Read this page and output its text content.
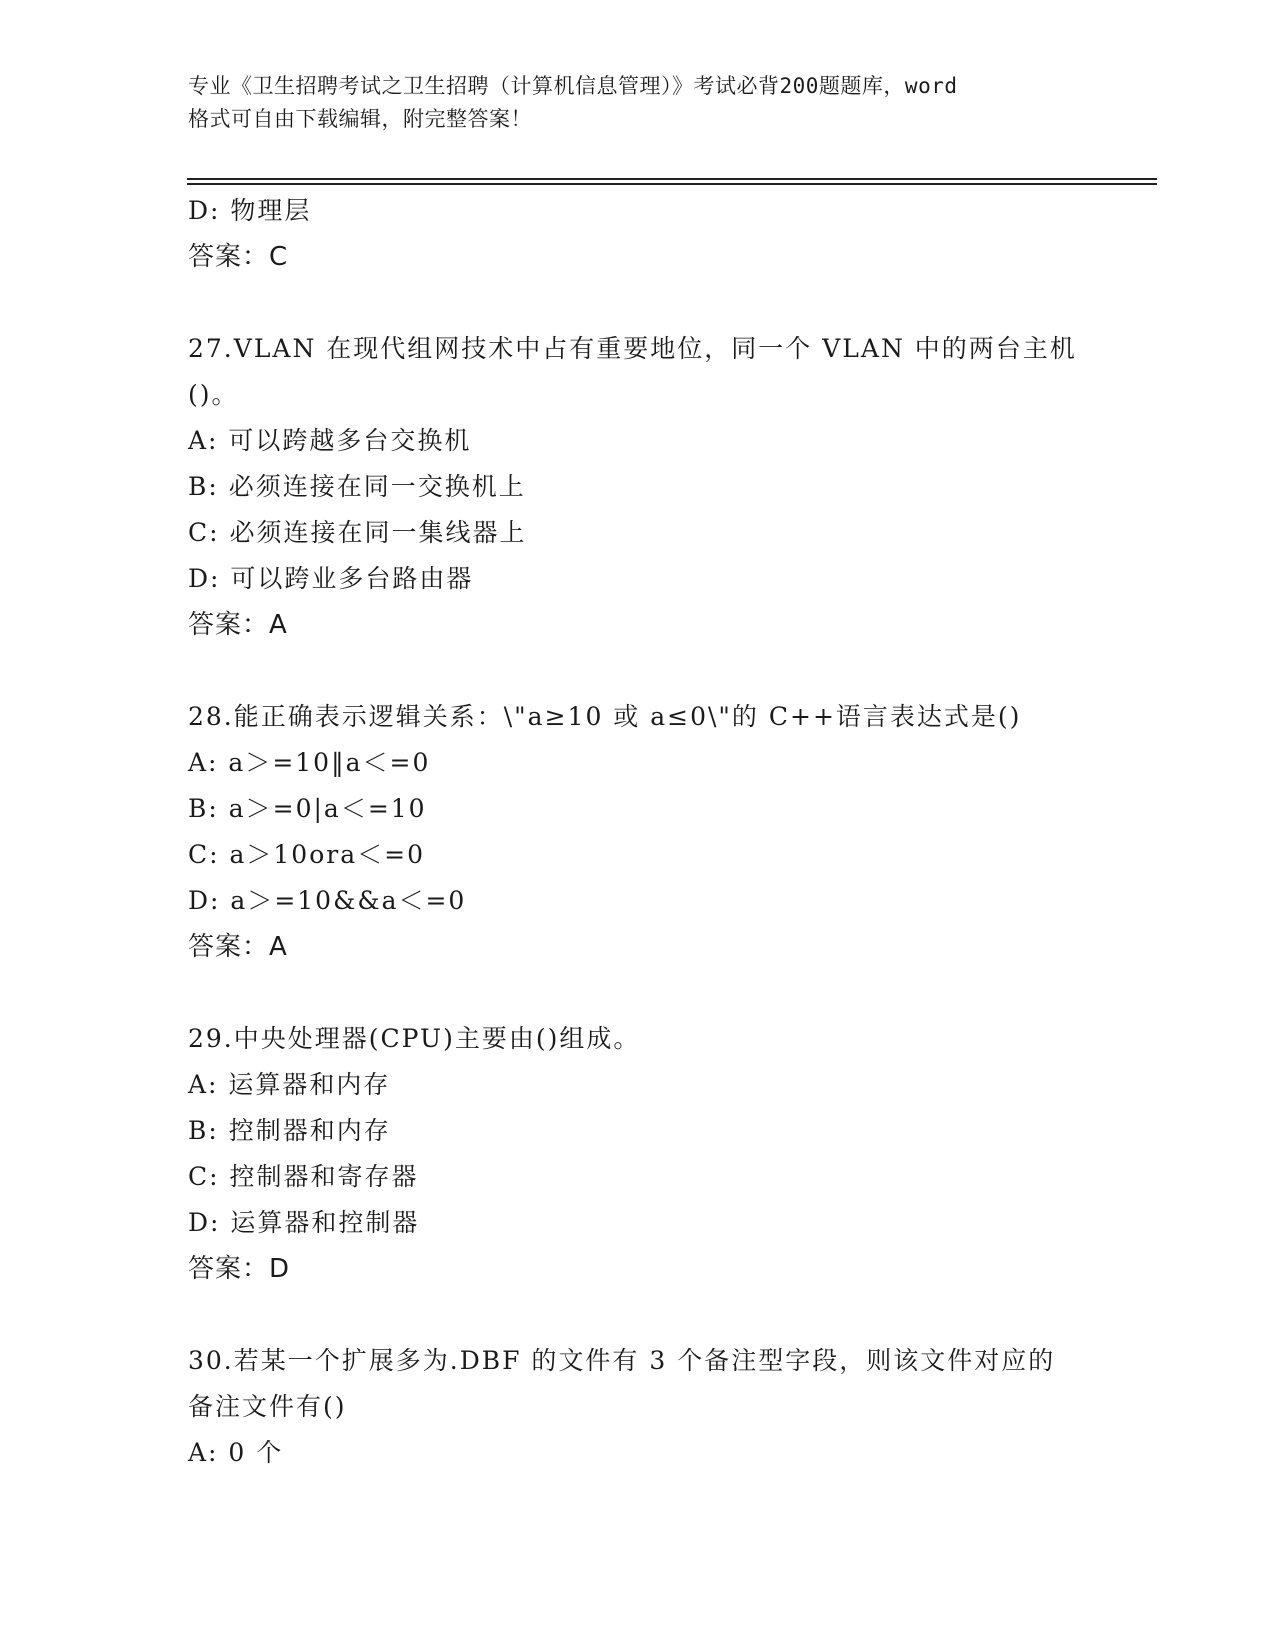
专业《卫生招聘考试之卫生招聘（计算机信息管理）》考试必背200题题库，word
格式可自由下载编辑，附完整答案！
D: 物理层
答案：C
27.VLAN 在现代组网技术中占有重要地位，同一个 VLAN 中的两台主机
()。
A: 可以跨越多台交换机
B: 必须连接在同一交换机上
C: 必须连接在同一集线器上
D: 可以跨业多台路由器
答案：A
28.能正确表示逻辑关系：\"a≥10 或 a≤0\"的 C++语言表达式是()
A: a＞=10‖a＜=0
B: a＞=0|a＜=10
C: a＞10ora＜=0
D: a＞=10&&a＜=0
答案：A
29.中央处理器(CPU)主要由()组成。
A: 运算器和内存
B: 控制器和内存
C: 控制器和寄存器
D: 运算器和控制器
答案：D
30.若某一个扩展多为.DBF 的文件有 3 个备注型字段，则该文件对应的
备注文件有()
A: 0 个
